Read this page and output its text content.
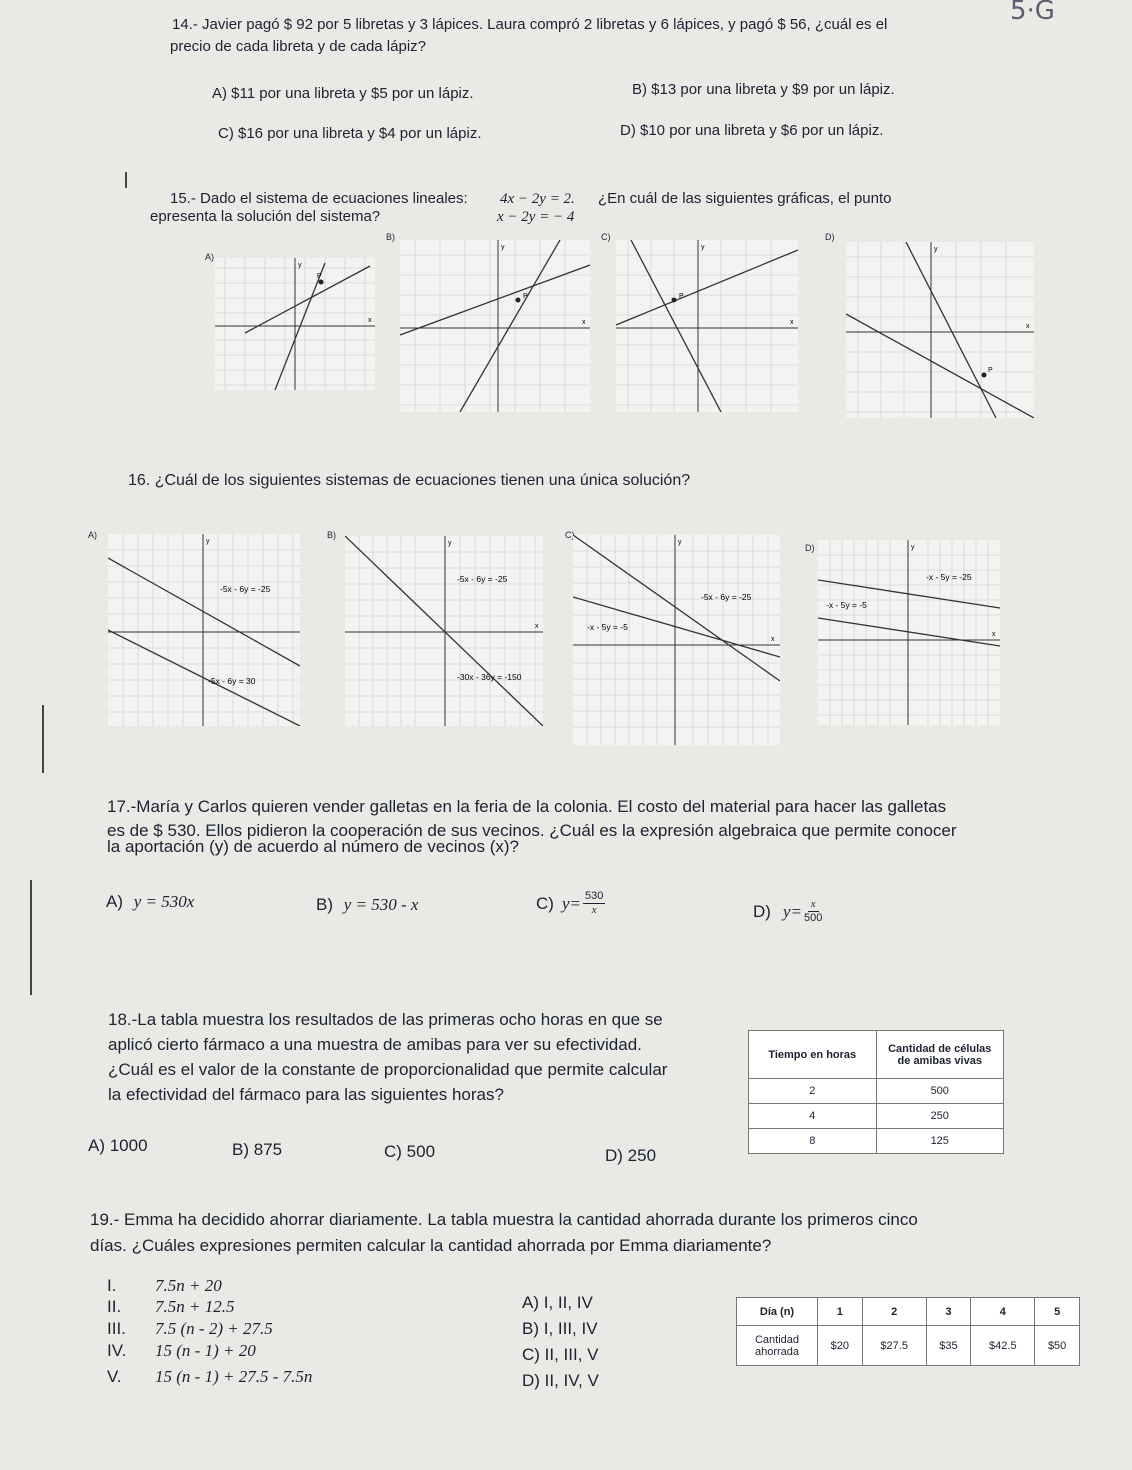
5·G
14.- Javier pagó $ 92 por 5 libretas y 3 lápices. Laura compró 2 libretas y 6 lápices, y pagó $ 56, ¿cuál es el
precio de cada libreta y de cada lápiz?
A) $11 por una libreta y $5 por un lápiz.	B) $13 por una libreta y $9 por un lápiz.
C) $16 por una libreta y $4 por un lápiz.	D) $10 por una libreta y $6 por un lápiz.
15.- Dado el sistema de ecuaciones lineales: 4x − 2y = 2. ¿En cuál de las siguientes gráficas, el punto
epresenta la solución del sistema?	x − 2y = − 4
A)
y
x
P
B)
y
x
P
C)
y
x
P
D)
y
x
P
16. ¿Cuál de los siguientes sistemas de ecuaciones tienen una única solución?
A)
y
-5x - 6y = -25
-5x - 6y = 30
B)
y
x
-5x - 6y = -25
-30x - 36y = -150
C)
y
x
-5x - 6y = -25
-x - 5y = -5
D)	y
x
-x - 5y = -25
-x - 5y = -5
17.-María y Carlos quieren vender galletas en la feria de la colonia. El costo del material para hacer las galletas
es de $ 530. Ellos pidieron la cooperación de sus vecinos. ¿Cuál es la expresión algebraica que permite conocer
la aportación (y) de acuerdo al número de vecinos (x)?
A) y = 530x	B) y = 530 - x	C) $y= \frac{530}{x}$	D) $y= \frac{x}{500}$
18.-La tabla muestra los resultados de las primeras ocho horas en que se
aplicó cierto fármaco a una muestra de amibas para ver su efectividad.
¿Cuál es el valor de la constante de proporcionalidad que permite calcular
la efectividad del fármaco para las siguientes horas?
A) 1000	B) 875	C) 500	D) 250
Tiempo en horas	Cantidad de células
de amibas vivas

2	500
4	250
8	125
19.- Emma ha decidido ahorrar diariamente. La tabla muestra la cantidad ahorrada durante los primeros cinco
días. ¿Cuáles expresiones permiten calcular la cantidad ahorrada por Emma diariamente?
I.	7.5n + 20
II.	7.5n + 12.5
III.	7.5 (n - 2) + 27.5
IV.	15 (n - 1) + 20
V.	15 (n - 1) + 27.5 - 7.5n
A) I, II, IV
B) I, III, IV
C) II, III, V
D) II, IV, V
Día (n)	1	2	3	4	5

Cantidad
ahorrada	$20	$27.5	$35	$42.5	$50
